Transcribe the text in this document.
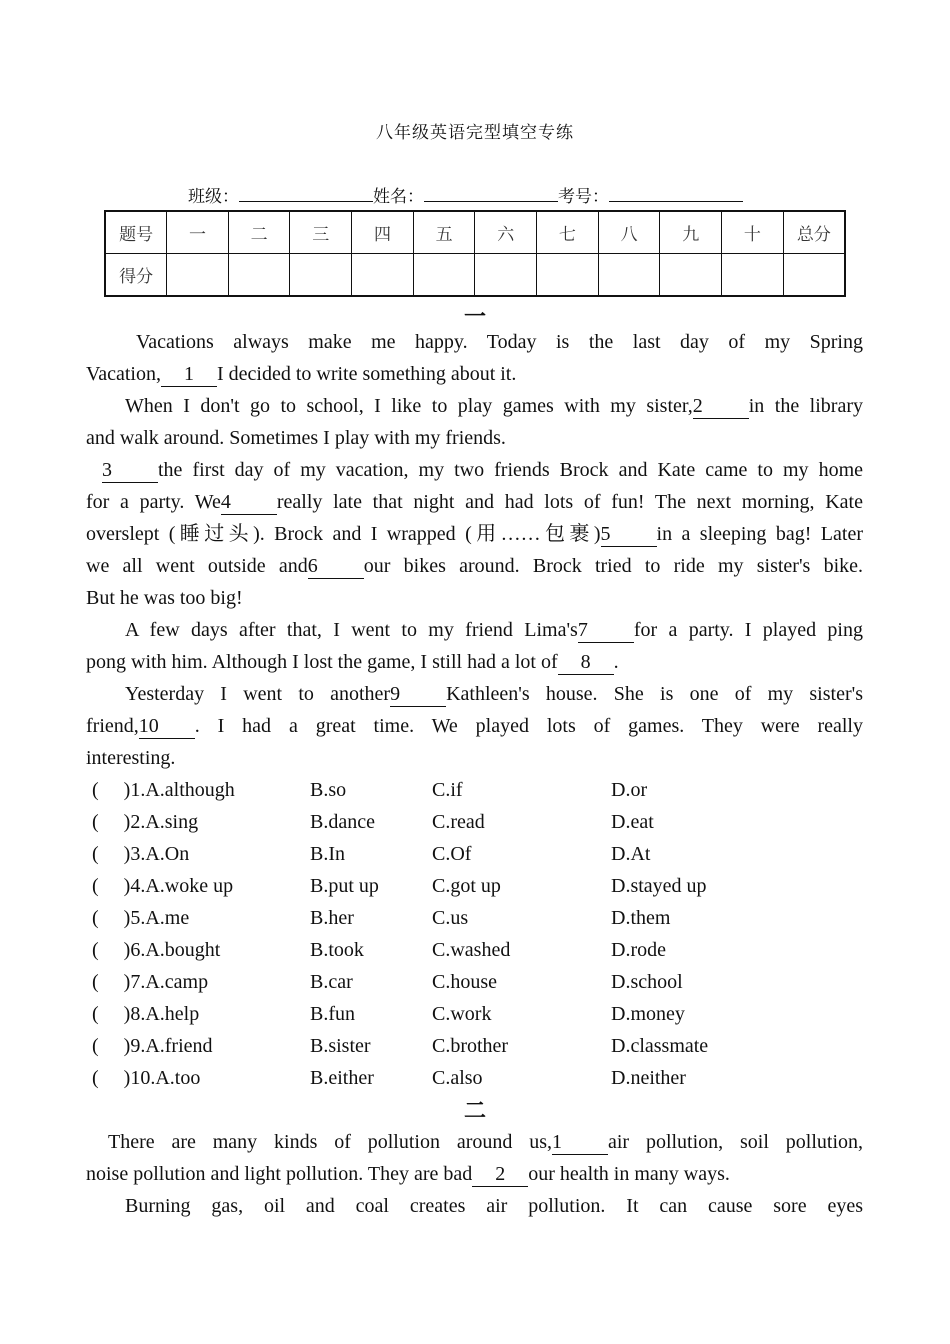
八年级英语完型填空专练
班级：	姓名：	考号：
题号	一	二	三	四	五	六	七	八	九	十	总分
得分											
一
Vacations always make me happy. Today is the last day of my Spring
Vacation, 1 I decided to write something about it.
When I don't go to school, I like to play games with my sister,2 in the library
and walk around. Sometimes I play with my friends.
3 the first day of my vacation, my two friends Brock and Kate came to my home
for a party. We4 really late that night and had lots of fun! The next morning, Kate
overslept (睡过头). Brock and I wrapped (用……包裹)5 in a sleeping bag! Later
we all went outside and6 our bikes around. Brock tried to ride my sister's bike.
But he was too big!
A few days after that, I went to my friend Lima's7 for a party. I played ping
pong with him. Although I lost the game, I still had a lot of 8 .
Yesterday I went to another9 Kathleen's house. She is one of my sister's
friend,10 . I had a great time. We played lots of games. They were really
interesting.
(　 )1.A.although	B.so	C.if	D.or
(　 )2.A.sing	B.dance	C.read	D.eat
(　 )3.A.On	B.In	C.Of	D.At
(　 )4.A.woke up	B.put up	C.got up	D.stayed up
(　 )5.A.me	B.her	C.us	D.them
(　 )6.A.bought	B.took	C.washed	D.rode
(　 )7.A.camp	B.car	C.house	D.school
(　 )8.A.help	B.fun	C.work	D.money
(　 )9.A.friend	B.sister	C.brother	D.classmate
(　 )10.A.too	B.either	C.also	D.neither
二
There are many kinds of pollution around us,1 air pollution, soil pollution,
noise pollution and light pollution. They are bad 2 our health in many ways.
Burning gas, oil and coal creates air pollution. It can cause sore eyes
